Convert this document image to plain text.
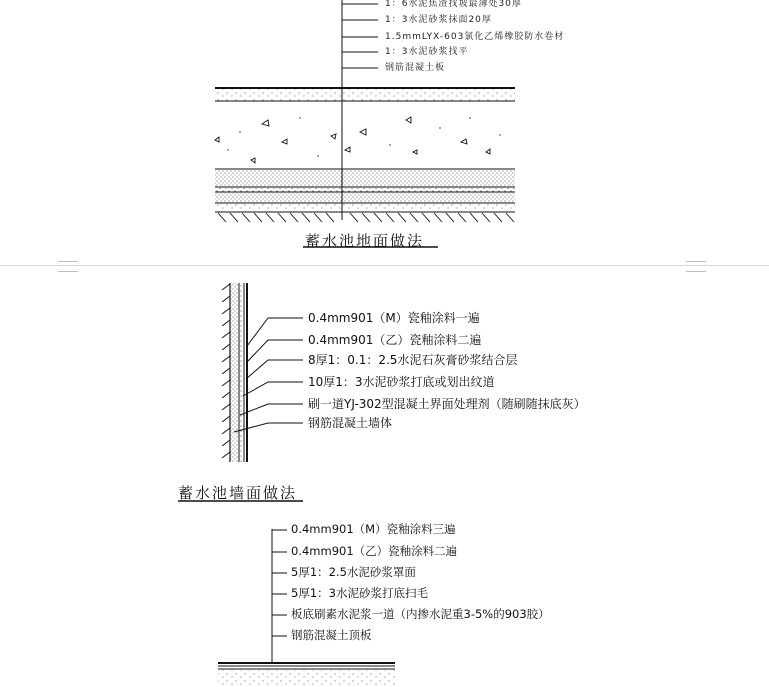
1：6水泥焦渣找坡最薄处30厚
1：3水泥砂浆抹面20厚
1.5mmLYX-603氯化乙烯橡胶防水卷材
1：3水泥砂浆找平
钢筋混凝土板
蓄水池地面做法
0.4mm901（M）瓷釉涂料一遍
0.4mm901（乙）瓷釉涂料二遍
8厚1：0.1：2.5水泥石灰膏砂浆结合层
10厚1：3水泥砂浆打底或划出纹道
刷一道YJ-302型混凝土界面处理剂（随刷随抹底灰）
钢筋混凝土墙体
蓄水池墙面做法
0.4mm901（M）瓷釉涂料三遍
0.4mm901（乙）瓷釉涂料二遍
5厚1：2.5水泥砂浆罩面
5厚1：3水泥砂浆打底扫毛
板底刷素水泥浆一道（内掺水泥重3-5%的903胶）
钢筋混凝土顶板
